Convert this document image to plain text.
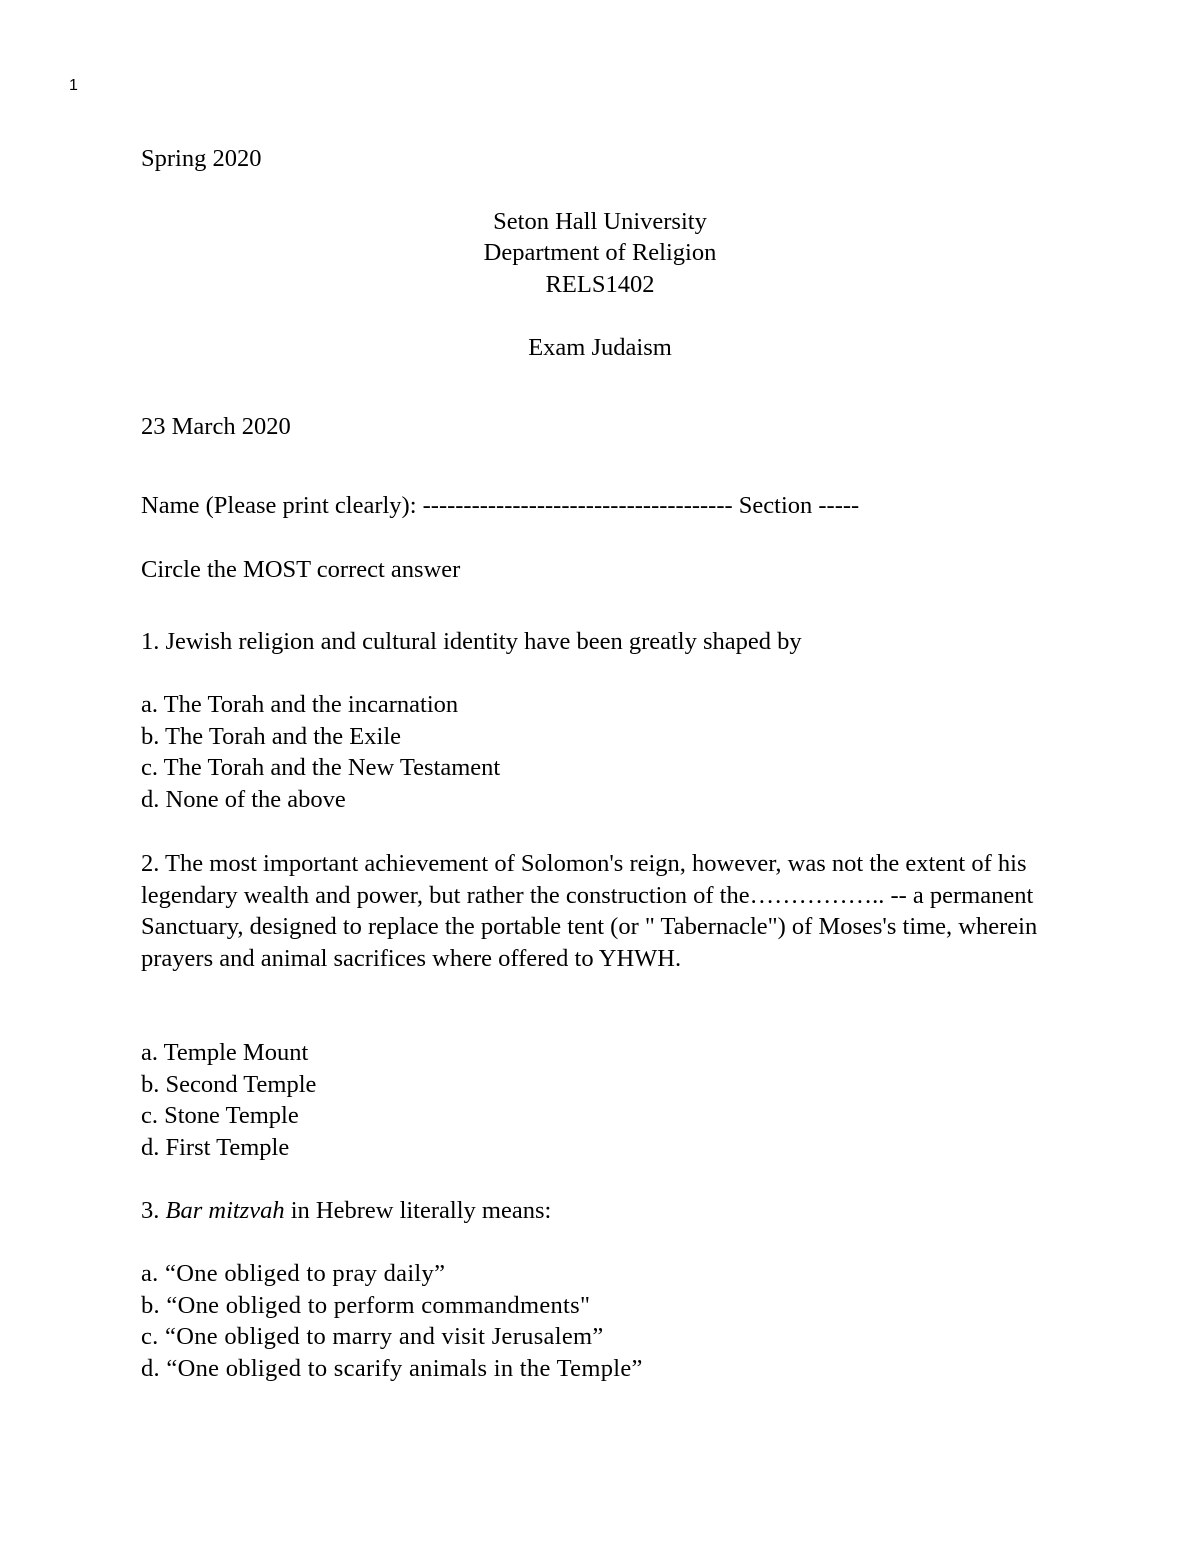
1
Spring 2020
Seton Hall University
Department of Religion
RELS1402
Exam Judaism
23 March 2020
Name (Please print clearly): -------------------------------------- Section -----
Circle the MOST correct answer
1. Jewish religion and cultural identity have been greatly shaped by
a. The Torah and the incarnation
b. The Torah and the Exile
c. The Torah and the New Testament
d. None of the above
2. The most important achievement of Solomon's reign, however, was not the extent of his legendary wealth and power, but rather the construction of the…………….. -- a permanent Sanctuary, designed to replace the portable tent (or " Tabernacle") of Moses's time, wherein prayers and animal sacrifices where offered to YHWH.
a. Temple Mount
b. Second Temple
c. Stone Temple
d. First Temple
3. Bar mitzvah in Hebrew literally means:
a. “One obliged to pray daily”
b. “One obliged to perform commandments"
c. “One obliged to marry and visit Jerusalem”
d. “One obliged to scarify animals in the Temple”
